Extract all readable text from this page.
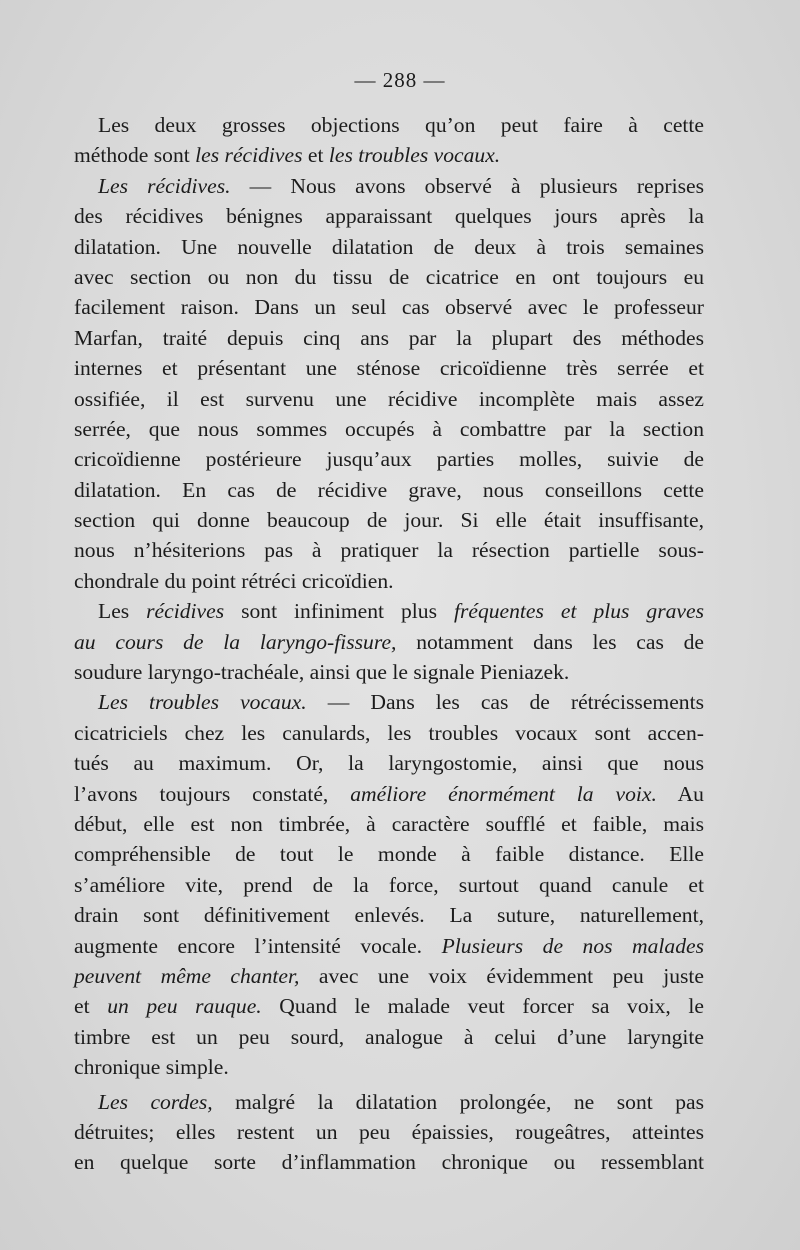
— 288 —
Les deux grosses objections qu’on peut faire à cette
méthode sont les récidives et les troubles vocaux.
Les récidives. — Nous avons observé à plusieurs reprises
des récidives bénignes apparaissant quelques jours après la
dilatation. Une nouvelle dilatation de deux à trois semaines
avec section ou non du tissu de cicatrice en ont toujours eu
facilement raison. Dans un seul cas observé avec le professeur
Marfan, traité depuis cinq ans par la plupart des méthodes
internes et présentant une sténose cricoïdienne très serrée et
ossifiée, il est survenu une récidive incomplète mais assez
serrée, que nous sommes occupés à combattre par la section
cricoïdienne postérieure jusqu’aux parties molles, suivie de
dilatation. En cas de récidive grave, nous conseillons cette
section qui donne beaucoup de jour. Si elle était insuffisante,
nous n’hésiterions pas à pratiquer la résection partielle sous-
chondrale du point rétréci cricoïdien.
Les récidives sont infiniment plus fréquentes et plus graves
au cours de la laryngo-fissure, notamment dans les cas de
soudure laryngo-trachéale, ainsi que le signale Pieniazek.
Les troubles vocaux. — Dans les cas de rétrécissements
cicatriciels chez les canulards, les troubles vocaux sont accen-
tués au maximum. Or, la laryngostomie, ainsi que nous
l’avons toujours constaté, améliore énormément la voix. Au
début, elle est non timbrée, à caractère soufflé et faible, mais
compréhensible de tout le monde à faible distance. Elle
s’améliore vite, prend de la force, surtout quand canule et
drain sont définitivement enlevés. La suture, naturellement,
augmente encore l’intensité vocale. Plusieurs de nos malades
peuvent même chanter, avec une voix évidemment peu juste
et un peu rauque. Quand le malade veut forcer sa voix, le
timbre est un peu sourd, analogue à celui d’une laryngite
chronique simple.
Les cordes, malgré la dilatation prolongée, ne sont pas
détruites; elles restent un peu épaissies, rougeâtres, atteintes
en quelque sorte d’inflammation chronique ou ressemblant
